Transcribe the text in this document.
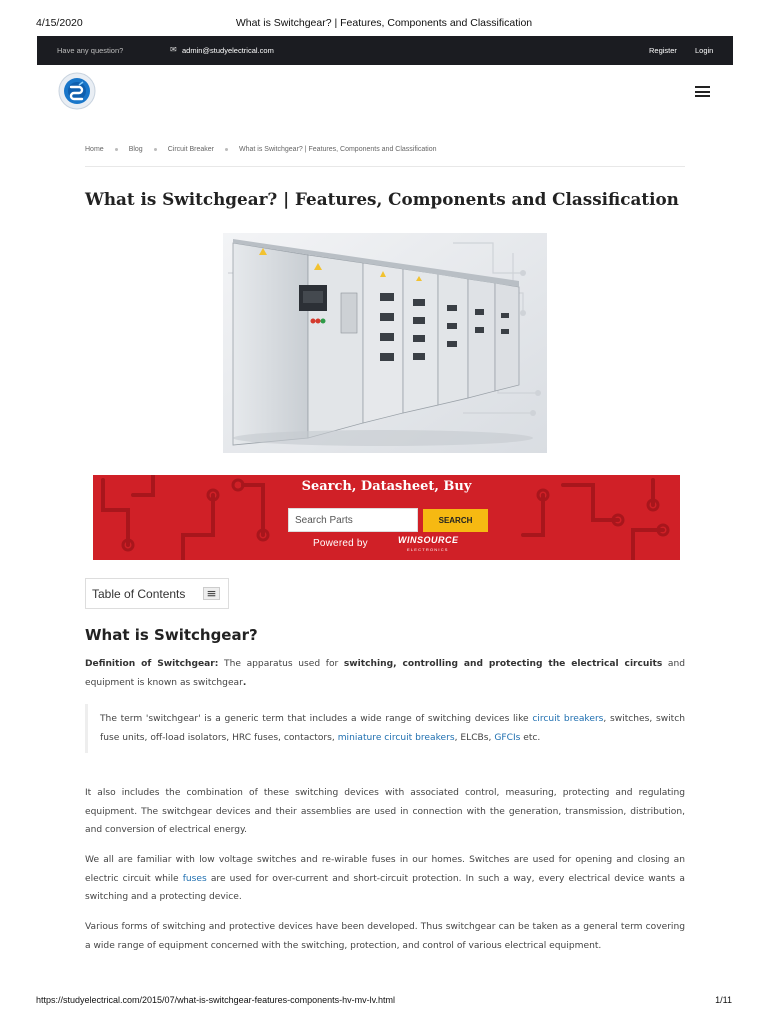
4/15/2020	What is Switchgear? | Features, Components and Classification
Have any question?	✉ admin@studyelectrical.com	Register Login
Home	Blog	Circuit Breaker	What is Switchgear? | Features, Components and Classification
What is Switchgear? | Features, Components and Classification
Search, Datasheet, Buy
Search Parts
SEARCH
Powered by	WINSOURCE
ELECTRONICS
Table of Contents
What is Switchgear?
Definition of Switchgear: The apparatus used for switching, controlling and protecting the electrical circuits and equipment is known as switchgear.
The term 'switchgear' is a generic term that includes a wide range of switching devices like circuit breakers, switches, switch fuse units, off-load isolators, HRC fuses, contactors, miniature circuit breakers, ELCBs, GFCIs etc.
It also includes the combination of these switching devices with associated control, measuring, protecting and regulating equipment. The switchgear devices and their assemblies are used in connection with the generation, transmission, distribution, and conversion of electrical energy.
We all are familiar with low voltage switches and re-wirable fuses in our homes. Switches are used for opening and closing an electric circuit while fuses are used for over-current and short-circuit protection. In such a way, every electrical device wants a switching and a protecting device.
Various forms of switching and protective devices have been developed. Thus switchgear can be taken as a general term covering a wide range of equipment concerned with the switching, protection, and control of various electrical equipment.
https://studyelectrical.com/2015/07/what-is-switchgear-features-components-hv-mv-lv.html	1/11
